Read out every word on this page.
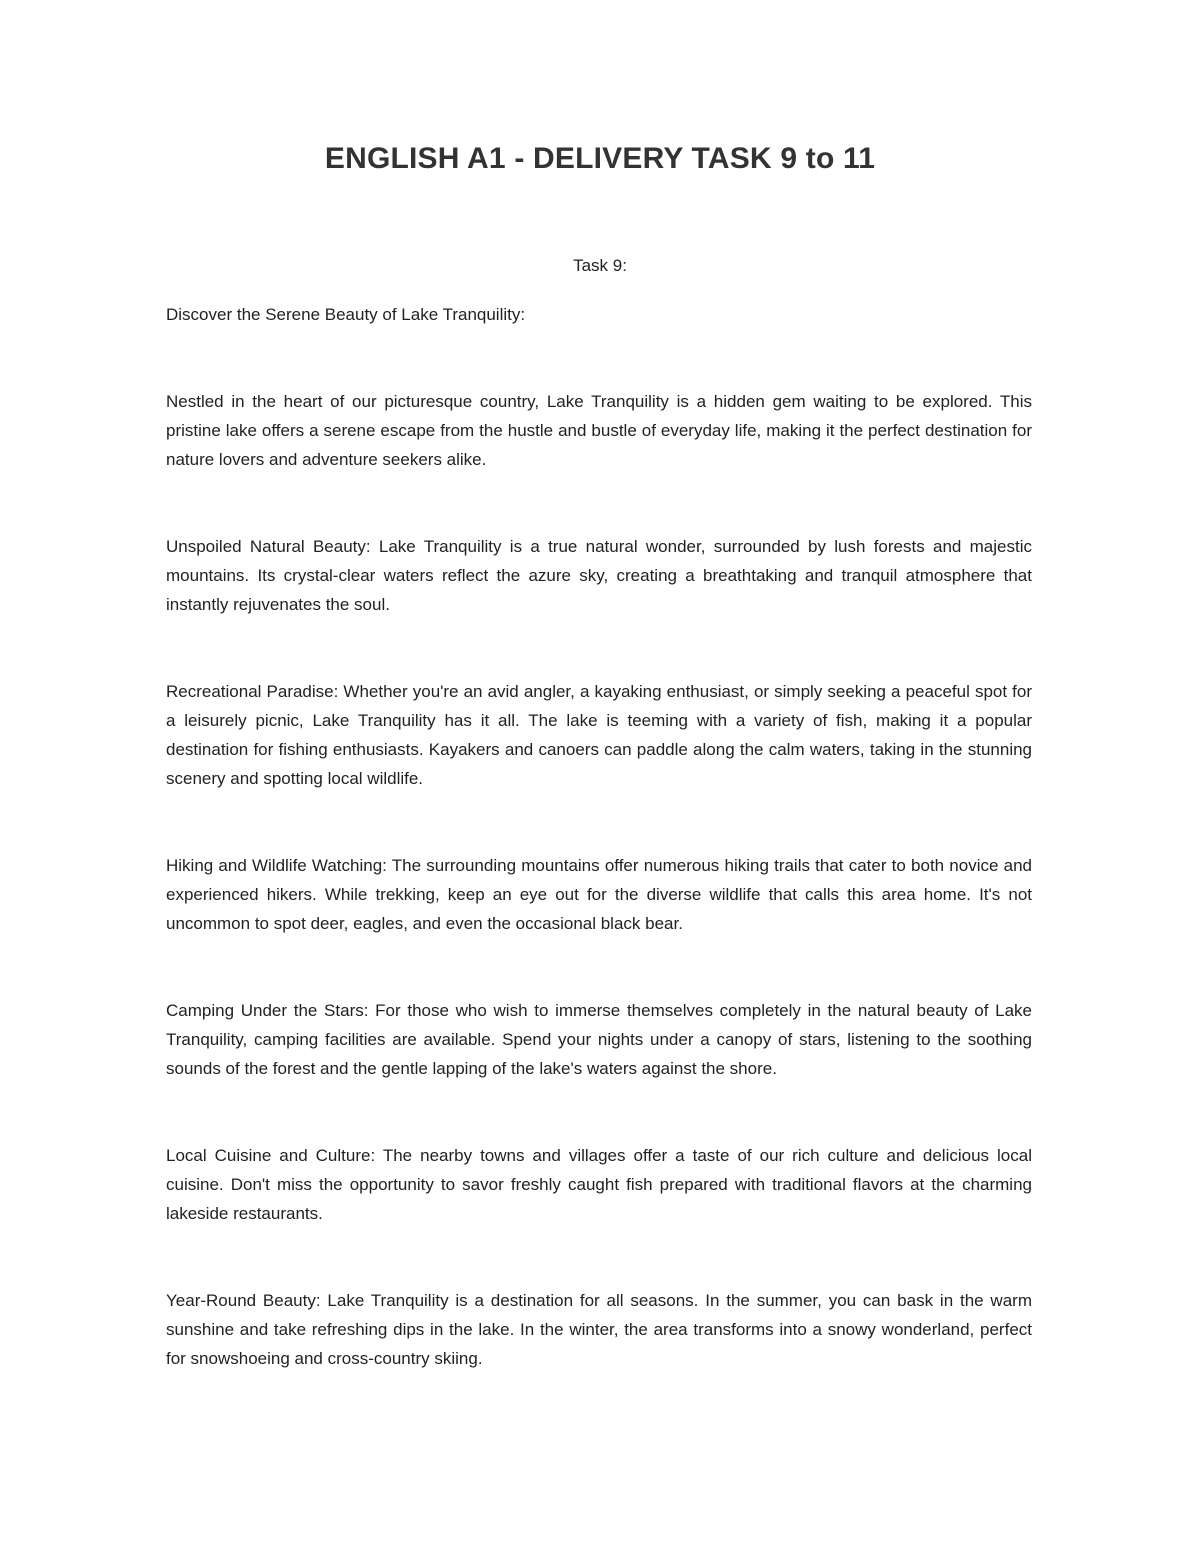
ENGLISH A1 - DELIVERY TASK 9 to 11

Task 9:

Discover the Serene Beauty of Lake Tranquility:

Nestled in the heart of our picturesque country, Lake Tranquility is a hidden gem waiting to be explored. This pristine lake offers a serene escape from the hustle and bustle of everyday life, making it the perfect destination for nature lovers and adventure seekers alike.

Unspoiled Natural Beauty: Lake Tranquility is a true natural wonder, surrounded by lush forests and majestic mountains. Its crystal-clear waters reflect the azure sky, creating a breathtaking and tranquil atmosphere that instantly rejuvenates the soul.

Recreational Paradise: Whether you're an avid angler, a kayaking enthusiast, or simply seeking a peaceful spot for a leisurely picnic, Lake Tranquility has it all. The lake is teeming with a variety of fish, making it a popular destination for fishing enthusiasts. Kayakers and canoers can paddle along the calm waters, taking in the stunning scenery and spotting local wildlife.

Hiking and Wildlife Watching: The surrounding mountains offer numerous hiking trails that cater to both novice and experienced hikers. While trekking, keep an eye out for the diverse wildlife that calls this area home. It's not uncommon to spot deer, eagles, and even the occasional black bear.

Camping Under the Stars: For those who wish to immerse themselves completely in the natural beauty of Lake Tranquility, camping facilities are available. Spend your nights under a canopy of stars, listening to the soothing sounds of the forest and the gentle lapping of the lake's waters against the shore.

Local Cuisine and Culture: The nearby towns and villages offer a taste of our rich culture and delicious local cuisine. Don't miss the opportunity to savor freshly caught fish prepared with traditional flavors at the charming lakeside restaurants.

Year-Round Beauty: Lake Tranquility is a destination for all seasons. In the summer, you can bask in the warm sunshine and take refreshing dips in the lake. In the winter, the area transforms into a snowy wonderland, perfect for snowshoeing and cross-country skiing.
